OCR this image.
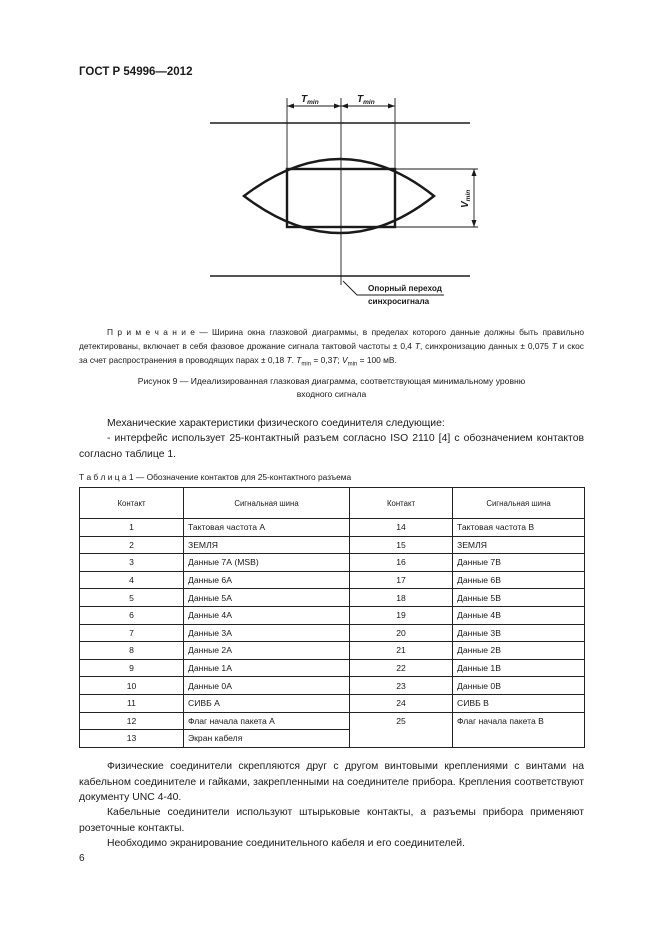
ГОСТ Р 54996—2012
$T_{min}$	$T_{min}$
$V_{min}$
Опорный переход
синхросигнала
П р и м е ч а н и е — Ширина окна глазковой диаграммы, в пределах которого данные должны быть правильно детектированы, включает в себя фазовое дрожание сигнала тактовой частоты ± 0,4 T, синхронизацию данных ± 0,075 T и скос за счет распространения в проводящих парах ± 0,18 T. $T_{min} = 0,3T$; $V_{min} = 100$ мВ.
Рисунок 9 — Идеализированная глазковая диаграмма, соответствующая минимальному уровню
входного сигнала
Механические характеристики физического соединителя следующие:
- интерфейс использует 25-контактный разъем согласно ISO 2110 [4] с обозначением контактов согласно таблице 1.
Т а б л и ц а 1 — Обозначение контактов для 25-контактного разъема
Контакт	Сигнальная шина	Контакт	Сигнальная шина
1	Тактовая частота А	14	Тактовая частота В
2	ЗЕМЛЯ	15	ЗЕМЛЯ
3	Данные 7А (MSB)	16	Данные 7В
4	Данные 6А	17	Данные 6В
5	Данные 5А	18	Данные 5В
6	Данные 4А	19	Данные 4В
7	Данные 3А	20	Данные 3В
8	Данные 2А	21	Данные 2В
9	Данные 1А	22	Данные 1В
10	Данные 0А	23	Данные 0В
11	СИВБ А	24	СИВБ В
12	Флаг начала пакета А	25	Флаг начала пакета В
13	Экран кабеля		
Физические соединители скрепляются друг с другом винтовыми креплениями с винтами на кабельном соединителе и гайками, закрепленными на соединителе прибора. Крепления соответствуют документу UNC 4-40.
Кабельные соединители используют штырьковые контакты, а разъемы прибора применяют розеточные контакты.
Необходимо экранирование соединительного кабеля и его соединителей.
6
